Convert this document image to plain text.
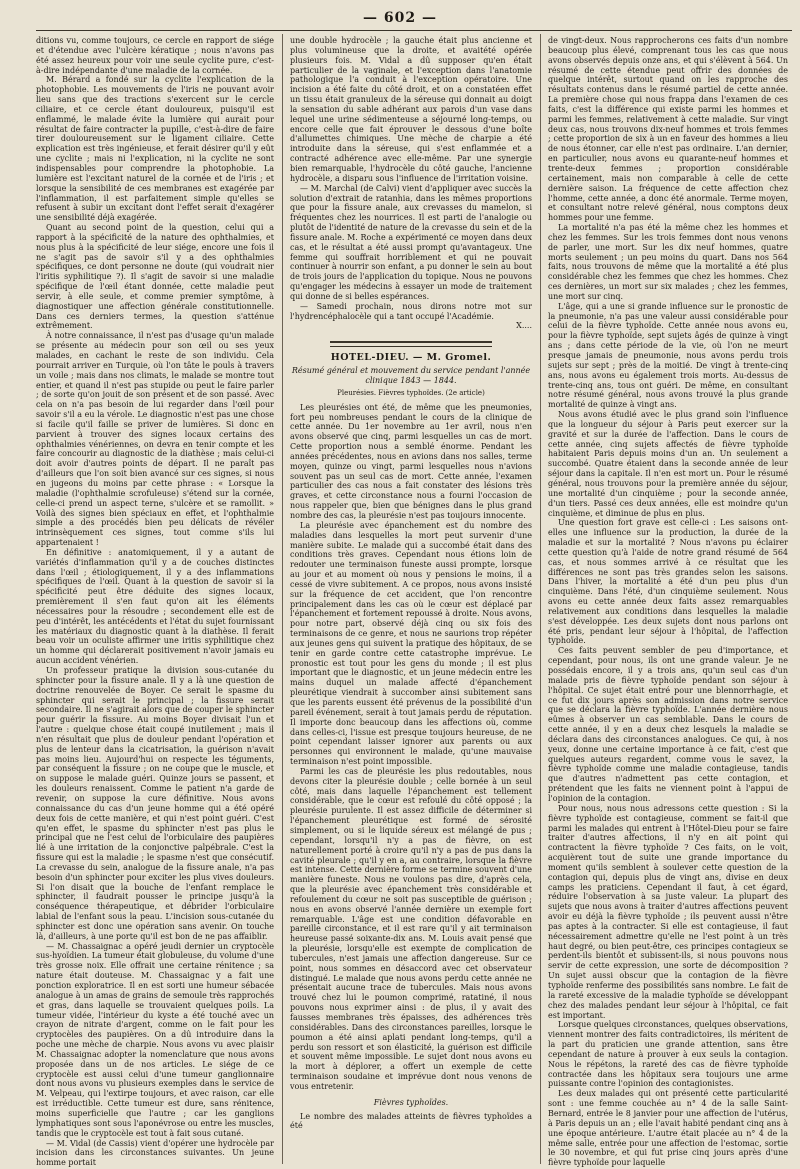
— 602 —

ditions vu, comme toujours, ce cercle en rapport de siége et d'étendue avec l'ulcère kératique ; nous n'avons pas été assez heureux pour voir une seule cyclite pure, c'est-à-dire indépendante d'une maladie de la cornée.

M. Bérard a fondé sur la cyclite l'explication de la photophobie. Les mouvements de l'iris ne pouvant avoir lieu sans que des tractions s'exercent sur le cercle ciliaire, et ce cercle étant douloureux, puisqu'il est enflammé, le malade évite la lumière qui aurait pour résultat de faire contracter la pupille, c'est-à-dire de faire tirer douloureusement sur le ligament ciliaire. Cette explication est très ingénieuse, et ferait désirer qu'il y eût une cyclite ; mais ni l'explication, ni la cyclite ne sont indispensables pour comprendre la photophobie. La lumière est l'excitant naturel de la cornée et de l'iris ; et lorsque la sensibilité de ces membranes est exagérée par l'inflammation, il est parfaitement simple qu'elles se refusent à subir un excitant dont l'effet serait d'exagérer une sensibilité déjà exagérée.

Quant au second point de la question, celui qui a rapport à la spécificité de la nature des ophthalmies, et nous plus à la spécificité de leur siége, encore une fois il ne s'agit pas de savoir s'il y a des ophthalmies spécifiques, ce dont personne ne doute (qui voudrait nier l'iritis syphilitique ?). Il s'agit de savoir si une maladie spécifique de l'œil étant donnée, cette maladie peut servir, à elle seule, et comme premier symptôme, à diagnostiquer une affection générale constitutionnelle. Dans ces derniers termes, la question s'atténue extrêmement.

À notre connaissance, il n'est pas d'usage qu'un malade se présente au médecin pour son œil ou ses yeux malades, en cachant le reste de son individu. Cela pourrait arriver en Turquie, où l'on tâte le pouls à travers un voile ; mais dans nos climats, le malade se montre tout entier, et quand il n'est pas stupide ou peut le faire parler ; de sorte qu'on jouit de son présent et de son passé. Avec cela on n'a pas besoin de lui regarder dans l'œil pour savoir s'il a eu la vérole. Le diagnostic n'est pas une chose si facile qu'il faille se priver de lumières. Si donc en parvient à trouver des signes locaux certains des ophthalmies vénériennes, on devra en tenir compte et les faire concourir au diagnostic de la diathèse ; mais celui-ci doit avoir d'autres points de départ. Il ne paraît pas d'ailleurs que l'on soit bien avancé sur ces signes, si nous en jugeons du moins par cette phrase : « Lorsque la maladie (l'ophthalmie scrofuleuse) s'étend sur la cornée, celle-ci prend un aspect terne, s'ulcère et se ramollit. » Voilà des signes bien spéciaux en effet, et l'ophthalmie simple a des procédés bien peu délicats de révéler intrinsèquement ces signes, tout comme s'ils lui appartenaient !

En définitive : anatomiquement, il y a autant de variétés d'inflammation qu'il y a de couches distinctes dans l'œil ; étiologiquement, il y a des inflammations spécifiques de l'œil. Quant à la question de savoir si la spécificité peut être déduite des signes locaux, premièrement il s'en faut qu'on ait les éléments nécessaires pour la résoudre ; secondement elle est de peu d'intérêt, les antécédents et l'état du sujet fournissant les matériaux du diagnostic quant à la diathèse. Il ferait beau voir un oculiste affirmer une iritis syphilitique chez un homme qui déclarerait positivement n'avoir jamais eu aucun accident vénérien.

Un professeur pratique la division sous-cutanée du sphincter pour la fissure anale. Il y a là une question de doctrine renouvelée de Boyer. Ce serait le spasme du sphincter qui serait le principal ; la fissure serait secondaire. Il ne s'agirait alors que de couper le sphincter pour guérir la fissure. Au moins Boyer divisait l'un et l'autre : quelque chose était coupé inutilement ; mais il n'en résultait que plus de douleur pendant l'opération et plus de lenteur dans la cicatrisation, la guérison n'avait pas moins lieu. Aujourd'hui on respecte les téguments, par conséquent la fissure ; on ne coupe que le muscle, et on suppose le malade guéri. Quinze jours se passent, et les douleurs renaissent. Comme le patient n'a garde de revenir, on suppose la cure définitive. Nous avons connaissance du cas d'un jeune homme qui a été opéré deux fois de cette manière, et qui n'est point guéri. C'est qu'en effet, le spasme du sphincter n'est pas plus le principal que ne l'est celui de l'orbiculaire des paupières lié à une irritation de la conjonctive palpébrale. C'est la fissure qui est la maladie ; le spasme n'est que consécutif. La crevasse du sein, analogue de la fissure anale, n'a pas besoin d'un sphincter pour exciter les plus vives douleurs. Si l'on disait que la bouche de l'enfant remplace le sphincter, il faudrait pousser le principe jusqu'à la conséquence thérapeutique, et débrider l'orbiculaire labial de l'enfant sous la peau. L'incision sous-cutanée du sphincter est donc une opération sans avenir. On touche là, d'ailleurs, à une porte qu'il est bon de ne pas affaiblir.

— M. Chassaignac a opéré jeudi dernier un cryptocèle sus-hyoïdien. La tumeur était globuleuse, du volume d'une très grosse noix. Elle offrait une certaine rénitence ; sa nature était douteuse. M. Chassaignac y a fait une ponction exploratrice. Il en est sorti une humeur sébacée analogue à un amas de grains de semoule très rapprochés et gras, dans laquelle se trouvaient quelques poils. La tumeur vidée, l'intérieur du kyste a été touché avec un crayon de nitrate d'argent, comme on le fait pour les cryptocèles des paupières. On a dû introduire dans la poche une mèche de charpie. Nous avons vu avec plaisir M. Chassaignac adopter la nomenclature que nous avons proposée dans un de nos articles. Le siége de ce cryptocèle est aussi celui d'une tumeur ganglionnaire dont nous avons vu plusieurs exemples dans le service de M. Velpeau, qui l'extirpe toujours, et avec raison, car elle est irréductible. Cette tumeur est dure, sans rénitence, moins superficielle que l'autre ; car les ganglions lymphatiques sont sous l'aponévrose ou entre les muscles, tandis que le cryptocèle est tout à fait sous cutané.

— M. Vidal (de Cassis) vient d'opérer une hydrocèle par incision dans les circonstances suivantes. Un jeune homme portait

une double hydrocèle ; la gauche était plus ancienne et plus volumineuse que la droite, et avaitété opérée plusieurs fois. M. Vidal a dû supposer qu'en était particulier de la vaginale, et l'exception dans l'anatomie pathologique l'a conduit à l'exception opératoire. Une incision a été faite du côté droit, et on a constatéen effet un tissu était granuleux de la séreuse qui donnait au doigt la sensation du sable adhérant aux parois d'un vase dans lequel une urine sédimenteuse a séjourné long-temps, ou encore celle que fait éprouver le dessous d'une boîte d'allumettes chimiques. Une mèche de charpie a été introduite dans la séreuse, qui s'est enflammée et a contracté adhérence avec elle-même. Par une synergie bien remarquable, l'hydrocèle du côté gauche, l'ancienne hydrocèle, a disparu sous l'influence de l'irritation voisine.

— M. Marchal (de Calvi) vient d'appliquer avec succès la solution d'extrait de ratanhia, dans les mêmes proportions que pour la fissure anale, aux crevasses du mamelon, si fréquentes chez les nourrices. Il est parti de l'analogie ou plutôt de l'identité de nature de la crevasse du sein et de la fissure anale. M. Roche a expérimenté ce moyen dans deux cas, et le résultat a été aussi prompt qu'avantageux. Une femme qui souffrait horriblement et qui ne pouvait continuer à nourrir son enfant, a pu donner le sein au bout de trois jours de l'application du topique. Nous ne pouvons qu'engager les médecins à essayer un mode de traitement qui donne de si belles espérances.

— Samedi prochain, nous dirons notre mot sur l'hydrencéphalocèle qui a tant occupé l'Académie.

X....

HOTEL-DIEU. — M. Gromel.

Résumé général et mouvement du service pendant l'année clinique 1843 — 1844.

Pleurésies. Fièvres typhoïdes. (2e article)

Les pleurésies ont été, de même que les pneumonies, fort peu nombreuses pendant le cours de la clinique de cette année. Du 1er novembre au 1er avril, nous n'en avons observé que cinq, parmi lesquelles un cas de mort. Cette proportion nous a semblé énorme. Pendant les années précédentes, nous en avions dans nos salles, terme moyen, quinze ou vingt, parmi lesquelles nous n'avions souvent pas un seul cas de mort. Cette année, l'examen particulier des cas nous a fait constater des lésions très graves, et cette circonstance nous a fourni l'occasion de nous rappeler que, bien que bénignes dans le plus grand nombre des cas, la pleurésie n'est pas toujours innocente.

La pleurésie avec épanchement est du nombre des maladies dans lesquelles la mort peut survenir d'une manière subite. Le malade qui a succombé était dans des conditions très graves. Cependant nous étions loin de redouter une terminaison funeste aussi prompte, lorsque au jour et au moment où nous y pensions le moins, il a cessé de vivre subitement. A ce propos, nous avons insisté sur la fréquence de cet accident, que l'on rencontre principalement dans les cas où le cœur est déplacé par l'épanchement et fortement repoussé à droite. Nous avons, pour notre part, observé déjà cinq ou six fois des terminaisons de ce genre, et nous ne saurions trop répéter aux jeunes gens qui suivent la pratique des hôpitaux, de se tenir en garde contre cette catastrophe imprévue. Le pronostic est tout pour les gens du monde ; il est plus important que le diagnostic, et un jeune médecin entre les mains duquel un malade affecté d'épanchement pleurétique viendrait à succomber ainsi subitement sans que les parents eussent été prévenus de la possibilité d'un pareil événement, serait à tout jamais perdu de réputation. Il importe donc beaucoup dans les affections où, comme dans celles-ci, l'issue est presque toujours heureuse, de ne point cependant laisser ignorer aux parents ou aux personnes qui environnent le malade, qu'une mauvaise terminaison n'est point impossible.

Parmi les cas de pleurésie les plus redoutables, nous devons citer la pleurésie double ; celle bornée à un seul côté, mais dans laquelle l'épanchement est tellement considérable, que le cœur est refoulé du côté opposé ; la pleurésie purulente. Il est assez difficile de déterminer si l'épanchement pleurétique est formé de sérosité simplement, ou si le liquide séreux est mélangé de pus ; cependant, lorsqu'il n'y a pas de fièvre, on est naturellement porté à croire qu'il n'y a pas de pus dans la cavité pleurale ; qu'il y en a, au contraire, lorsque la fièvre est intense. Cette dernière forme se termine souvent d'une manière funeste. Nous ne voulons pas dire, d'après cela, que la pleurésie avec épanchement très considérable et refoulement du cœur ne soit pas susceptible de guérison ; nous en avons observé l'année dernière un exemple fort remarquable. L'âge est une condition défavorable en pareille circonstance, et il est rare qu'il y ait terminaison heureuse passé soixante-dix ans. M. Louis avait pensé que la pleurésie, lorsqu'elle est exempte de complication de tubercules, n'est jamais une affection dangereuse. Sur ce point, nous sommes en désaccord avec cet observateur distingué. Le malade que nous avons perdu cette année ne présentait aucune trace de tubercules. Mais nous avons trouvé chez lui le poumon comprimé, ratatiné, il nous pouvons nous exprimer ainsi : de plus, il y avait des fausses membranes très épaisses, des adhérences très considérables. Dans des circonstances pareilles, lorsque le poumon a été ainsi aplati pendant long-temps, qu'il a perdu son ressort et son élasticité, la guérison est difficile et souvent même impossible. Le sujet dont nous avons eu la mort à déplorer, a offert un exemple de cette terminaison soudaine et imprévue dont nous venons de vous entretenir.

Fièvres typhoïdes.

Le nombre des malades atteints de fièvres typhoïdes a été

de vingt-deux. Nous rapprocherons ces faits d'un nombre beaucoup plus élevé, comprenant tous les cas que nous avons observés depuis onze ans, et qui s'élèvent à 564. Un résumé de cette étendue peut offrir des données de quelque intérêt, surtout quand on les rapproche des résultats contenus dans le résumé partiel de cette année. La première chose qui nous frappa dans l'examen de ces faits, c'est la différence qui existe parmi les hommes et parmi les femmes, relativement à cette maladie. Sur vingt deux cas, nous trouvons dix-neuf hommes et trois femmes ; cette proportion de six à un en faveur des hommes a lieu de nous étonner, car elle n'est pas ordinaire. L'an dernier, en particulier, nous avons eu quarante-neuf hommes et trente-deux femmes ; proportion considérable certainement, mais non comparable à celle de cette dernière saison. La fréquence de cette affection chez l'homme, cette année, a donc été anormale. Terme moyen, et consultant notre relevé général, nous comptons deux hommes pour une femme.

La mortalité n'a pas été la même chez les hommes et chez les femmes. Sur les trois femmes dont nous venons de parler, une mort. Sur les dix neuf hommes, quatre morts seulement ; un peu moins du quart. Dans nos 564 faits, nous trouvons de même que la mortalité a été plus considérable chez les femmes que chez les hommes. Chez ces dernières, un mort sur six malades ; chez les femmes, une mort sur cinq.

L'âge, qui a une si grande influence sur le pronostic de la pneumonie, n'a pas une valeur aussi considérable pour celui de la fièvre typhoïde. Cette année nous avons eu, pour la fièvre typhoïde, sept sujets âgés de quinze à vingt ans ; dans cette période de la vie, où l'on ne meurt presque jamais de pneumonie, nous avons perdu trois sujets sur sept ; près de la moitié. De vingt à trente-cinq ans, nous avons eu également trois morts. Au-dessus de trente-cinq ans, tous ont guéri. De même, en consultant notre résumé général, nous avons trouvé la plus grande mortalité de quinze à vingt ans.

Nous avons étudié avec le plus grand soin l'influence que la longueur du séjour à Paris peut exercer sur la gravité et sur la durée de l'affection. Dans le cours de cette année, cinq sujets affectés de fièvre typhoïde habitaient Paris depuis moins d'un an. Un seulement a succombé. Quatre étaient dans la seconde année de leur séjour dans la capitale. Il n'en est mort un. Pour le résumé général, nous trouvons pour la première année du séjour, une mortalité d'un cinquième ; pour la seconde année, d'un tiers. Passé ces deux années, elle est moindre qu'un cinquième, et diminue de plus en plus.

Une question fort grave est celle-ci : Les saisons ont-elles une influence sur la production, la durée de la maladie et sur la mortalité ? Nous n'avons pu éclairer cette question qu'à l'aide de notre grand résumé de 564 cas, et nous sommes arrivé à ce résultat que les différences ne sont pas très grandes selon les saisons. Dans l'hiver, la mortalité a été d'un peu plus d'un cinquième. Dans l'été, d'un cinquième seulement. Nous avons eu cette année deux faits assez remarquables relativement aux conditions dans lesquelles la maladie s'est développée. Les deux sujets dont nous parlons ont été pris, pendant leur séjour à l'hôpital, de l'affection typhoïde.

Ces faits peuvent sembler de peu d'importance, et cependant, pour nous, ils ont une grande valeur. Je ne possédais encore, il y a trois ans, qu'un seul cas d'un malade pris de fièvre typhoïde pendant son séjour à l'hôpital. Ce sujet était entré pour une blennorrhagie, et ce fut dix jours après son admission dans notre service que se déclara la fièvre typhoïde. L'année dernière nous eûmes à observer un cas semblable. Dans le cours de cette année, il y en a deux chez lesquels la maladie se déclara dans des circonstances analogues. Ce qui, à nos yeux, donne une certaine importance à ce fait, c'est que quelques auteurs regardent, comme vous le savez, la fièvre typhoïde comme une maladie contagieuse, tandis que d'autres n'admettent pas cette contagion, et prétendent que les faits ne viennent point à l'appui de l'opinion de la contagion.

Pour nous, nous nous adressons cette question : Si la fièvre typhoïde est contagieuse, comment se fait-il que parmi les malades qui entrent à l'Hôtel-Dieu pour se faire traiter d'autres affections, il n'y en ait point qui contractent la fièvre typhoïde ? Ces faits, on le voit, acquièrent tout de suite une grande importance du moment qu'ils semblent à soulever cette question de la contagion qui, depuis plus de vingt ans, divise en deux camps les praticiens. Cependant il faut, à cet égard, réduire l'observation à sa juste valeur. La plupart des sujets que nous avons à traiter d'autres affections peuvent avoir eu déjà la fièvre typhoïde ; ils peuvent aussi n'être pas aptes à la contracter. Si elle est contagieuse, il faut nécessairement admettre qu'elle ne l'est point à un très haut degré, ou bien peut-être, ces principes contagieux se perdent-ils bientôt et subissent-ils, si nous pouvons nous servir de cette expression, une sorte de décomposition ? Un sujet aussi obscur que la contagion de la fièvre typhoïde renferme des possibilités sans nombre. Le fait de la rareté excessive de la maladie typhoïde se développant chez des malades pendant leur séjour à l'hôpital, ce fait est important.

Lorsque quelques circonstances, quelques observations, viennent montrer des faits contradictoires, ils méritent de la part du praticien une grande attention, sans être cependant de nature à prouver à eux seuls la contagion. Nous le répétons, la rareté des cas de fièvre typhoïde contractée dans les hôpitaux sera toujours une arme puissante contre l'opinion des contagionistes.

Les deux malades qui ont présenté cette particularité sont : une femme couchée au n° 4 de la salle Saint-Bernard, entrée le 8 janvier pour une affection de l'utérus, à Paris depuis un an ; elle l'avait habité pendant cinq ans à une époque antérieure. L'autre était placée au n° 4 de la même salle, entrée pour une affection de l'estomac, sortie le 30 novembre, et qui fut prise cinq jours après d'une fièvre typhoïde pour laquelle
